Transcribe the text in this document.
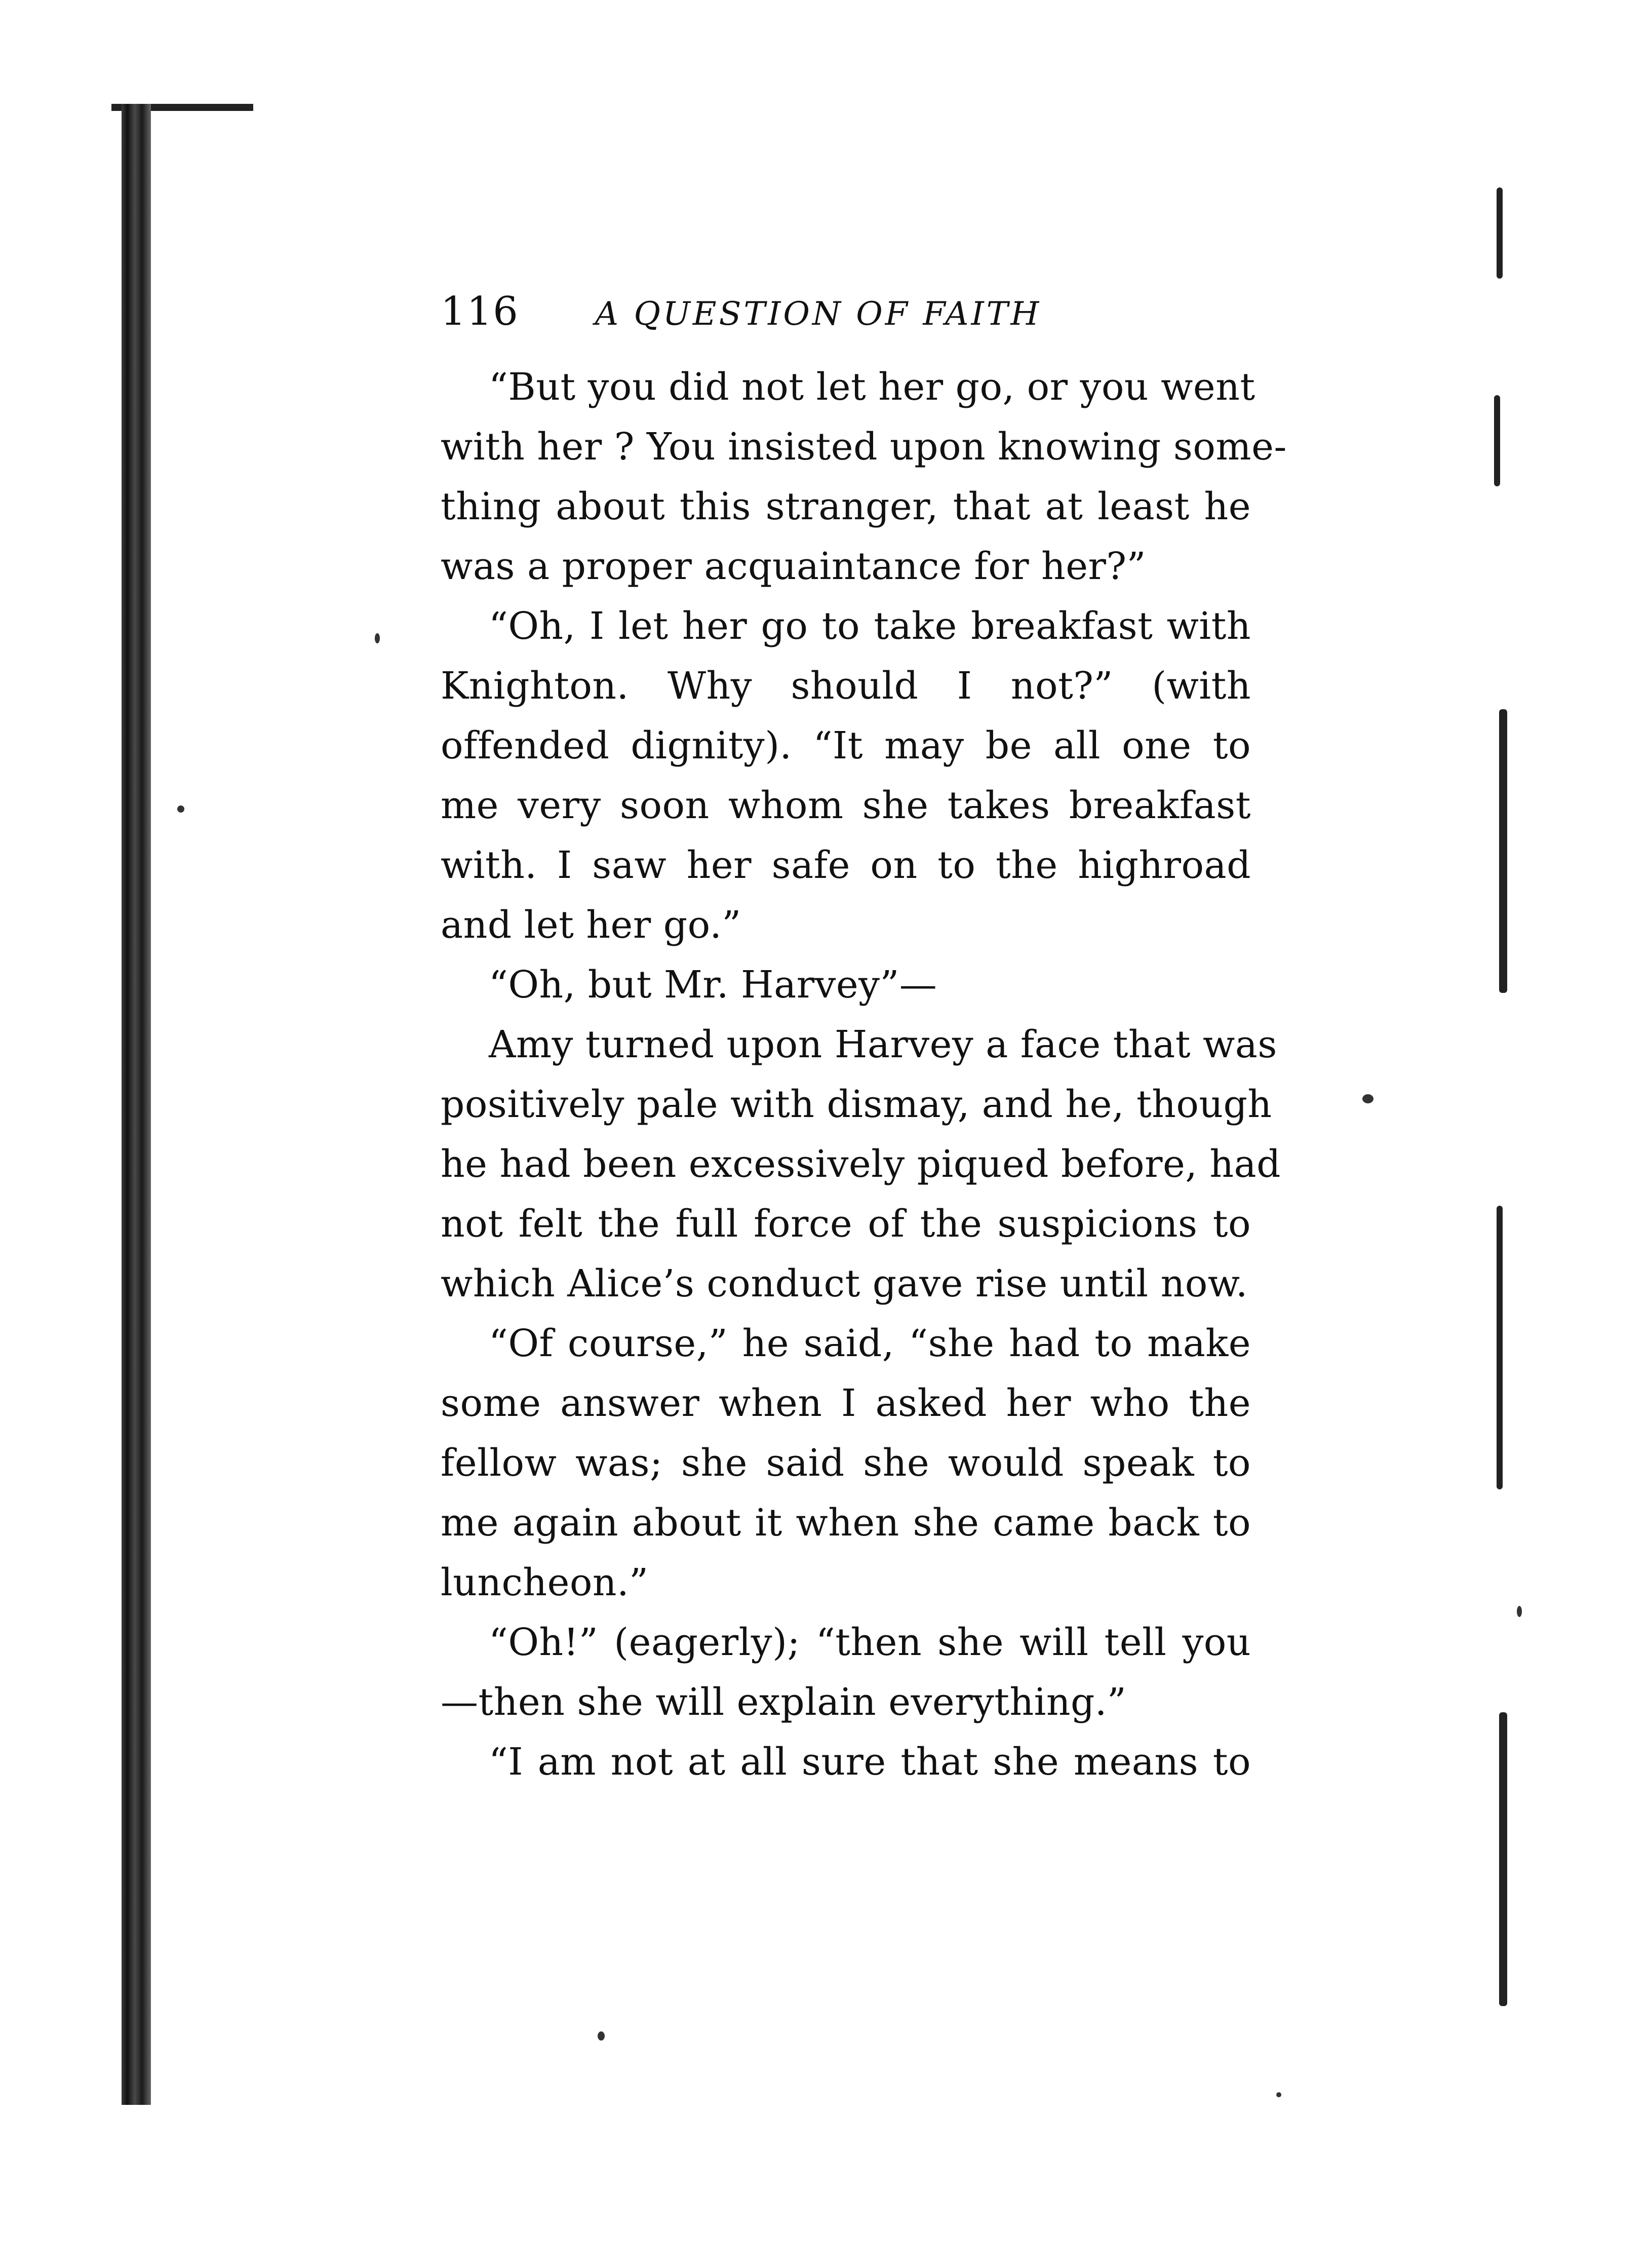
116 A QUESTION OF FAITH
“But you did not let her go, or you went
with her ? You insisted upon knowing some-
thing about this stranger, that at least he
was a proper acquaintance for her?”
“Oh, I let her go to take breakfast with
Knighton. Why should I not?” (with
offended dignity). “It may be all one to
me very soon whom she takes breakfast
with. I saw her safe on to the highroad
and let her go.”
“Oh, but Mr. Harvey”—
Amy turned upon Harvey a face that was
positively pale with dismay, and he, though
he had been excessively piqued before, had
not felt the full force of the suspicions to
which Alice’s conduct gave rise until now.
“Of course,” he said, “she had to make
some answer when I asked her who the
fellow was; she said she would speak to
me again about it when she came back to
luncheon.”
“Oh!” (eagerly); “then she will tell you
—then she will explain everything.”
“I am not at all sure that she means to
